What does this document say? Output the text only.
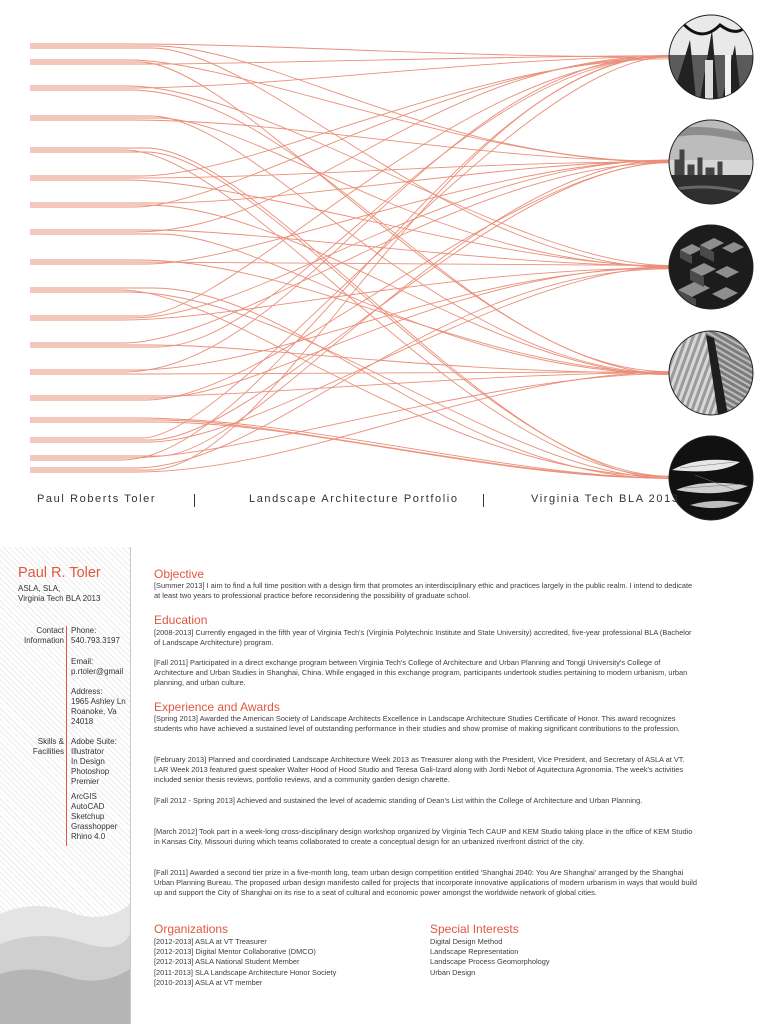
Paul Roberts Toler	Landscape Architecture Portfolio	Virginia Tech BLA 2013
Paul R. Toler
ASLA, SLA,
Virginia Tech BLA 2013
Contact
Information
Phone:
540.793.3197
Email:
p.rtoler@gmail
Address:
1965 Ashley Ln
Roanoke, Va
24018
Skills &
Facilities
Adobe Suite:
Illustrator
In Design
Photoshop
Premier
ArcGIS
AutoCAD
Sketchup
Grasshopper
Rhino 4.0
Objective
[Summer 2013] I aim to find a full time position with a design firm that promotes an interdisciplinary ethic and practices largely in the public realm. I intend to dedicate at least two years to professional practice before reconsidering the possibility of graduate school.
Education
[2008-2013] Currently engaged in the fifth year of Virginia Tech's (Virginia Polytechnic Institute and State University) accredited, five-year professional BLA (Bachelor of Landscape Architecture) program.
[Fall 2011] Participated in a direct exchange program between Virginia Tech's College of Architecture and Urban Planning and Tongji University's College of Architecture and Urban Studies in Shanghai, China. While engaged in this exchange program, participants undertook studies pertaining to modern urbanism, urban planning, and urban culture.
Experience and Awards
[Spring 2013] Awarded the American Society of Landscape Architects Excellence in Landscape Architecture Studies Certificate of Honor. This award recognizes students who have achieved a sustained level of outstanding performance in their studies and show promise of making significant contributions to the profession.
[February 2013] Planned and coordinated Landscape Architecture Week 2013 as Treasurer along with the President, Vice President, and Secretary of ASLA at VT. LAR Week 2013 featured guest speaker Walter Hood of Hood Studio and Teresa Gali-Izard along with Jordi Nebot of Aquitectura Agronomia. The week's activities included senior thesis reviews, portfolio reviews, and a community garden design charette.
[Fall 2012 - Spring 2013] Achieved and sustained the level of academic standing of Dean's List within the College of Architecture and Urban Planning.
[March 2012] Took part in a week-long cross-disciplinary design workshop organized by Virginia Tech CAUP and KEM Studio taking place in the office of KEM Studio in Kansas City, Missouri during which teams collaborated to create a conceptual design for an urbanized riverfront district of the city.
[Fall 2011] Awarded a second tier prize in a five-month long, team urban design competition entitled 'Shanghai 2040: You Are Shanghai' arranged by the Shanghai Urban Planning Bureau. The proposed urban design manifesto called for projects that incorporate innovative applications of modern urbanism in ways that would build up and support the City of Shanghai on its rise to a seat of cultural and economic power amongst the worldwide network of global cities.
Organizations
[2012-2013] ASLA at VT Treasurer
[2012-2013] Digital Mentor Collaborative (DMCO)
[2012-2013] ASLA National Student Member
[2011-2013] SLA Landscape Architecture Honor Society
[2010-2013] ASLA at VT member
Special Interests
Digital Design Method
Landscape Representation
Landscape Process Geomorphology
Urban Design
